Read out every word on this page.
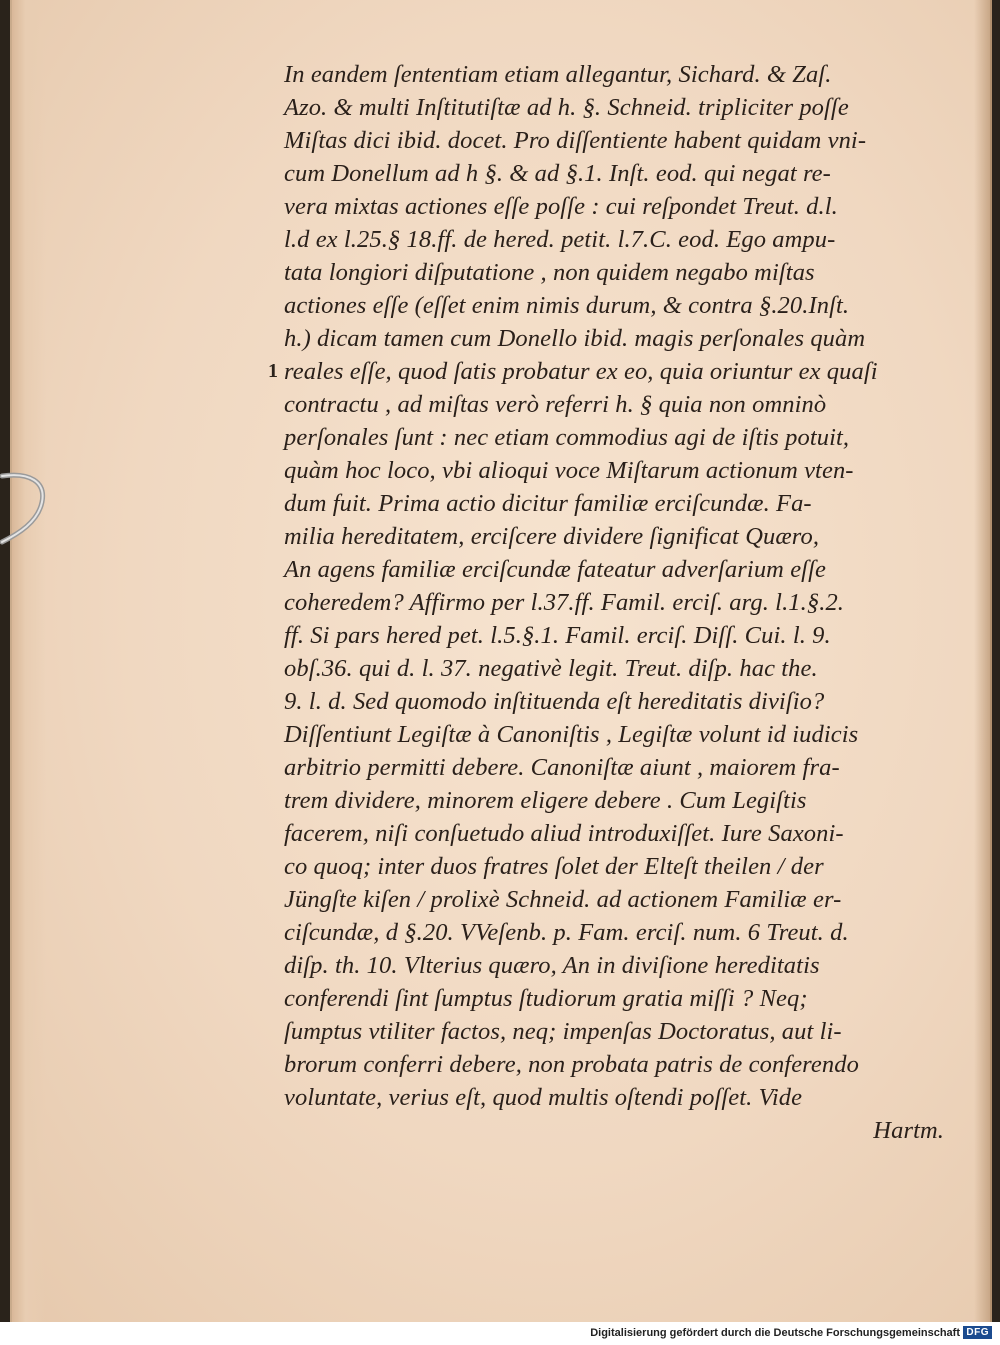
1
In eandem ſententiam etiam allegantur, Sichard. & Zaſ.
Azo. & multi Inſtitutiſtæ ad h. §. Schneid. tripliciter poſſe
Miſtas dici ibid. docet. Pro diſſentiente habent quidam vni-
cum Donellum ad h §. & ad §.1. Inſt. eod. qui negat re-
vera mixtas actiones eſſe poſſe : cui reſpondet Treut. d.l.
l.d ex l.25.§ 18.ff. de hered. petit. l.7.C. eod. Ego ampu-
tata longiori diſputatione , non quidem negabo miſtas
actiones eſſe (eſſet enim nimis durum, & contra §.20.Inſt.
h.) dicam tamen cum Donello ibid. magis perſonales quàm
reales eſſe, quod ſatis probatur ex eo, quia oriuntur ex quaſi
contractu , ad miſtas verò referri h. § quia non omninò
perſonales ſunt : nec etiam commodius agi de iſtis potuit,
quàm hoc loco, vbi alioqui voce Miſtarum actionum vten-
dum fuit. Prima actio dicitur familiæ erciſcundæ. Fa-
milia hereditatem, erciſcere dividere ſignificat Quæro,
An agens familiæ erciſcundæ fateatur adverſarium eſſe
coheredem? Affirmo per l.37.ff. Famil. erciſ. arg. l.1.§.2.
ff. Si pars hered pet. l.5.§.1. Famil. erciſ. Diſſ. Cui. l. 9.
obſ.36. qui d. l. 37. negativè legit. Treut. diſp. hac the.
9. l. d. Sed quomodo inſtituenda eſt hereditatis diviſio?
Diſſentiunt Legiſtæ à Canoniſtis , Legiſtæ volunt id iudicis
arbitrio permitti debere. Canoniſtæ aiunt , maiorem fra-
trem dividere, minorem eligere debere . Cum Legiſtis
facerem, niſi conſuetudo aliud introduxiſſet. Iure Saxoni-
co quoq; inter duos fratres ſolet der Elteſt theilen / der
Jüngſte kiſen / prolixè Schneid. ad actionem Familiæ er-
ciſcundæ, d §.20. VVeſenb. p. Fam. erciſ. num. 6 Treut. d.
diſp. th. 10. Vlterius quæro, An in diviſione hereditatis
conferendi ſint ſumptus ſtudiorum gratia miſſi ? Neq;
ſumptus vtiliter factos, neq; impenſas Doctoratus, aut li-
brorum conferri debere, non probata patris de conferendo
voluntate, verius eſt, quod multis oſtendi poſſet. Vide
Hartm.
Digitalisierung gefördert durch die Deutsche Forschungsgemeinschaft DFG
